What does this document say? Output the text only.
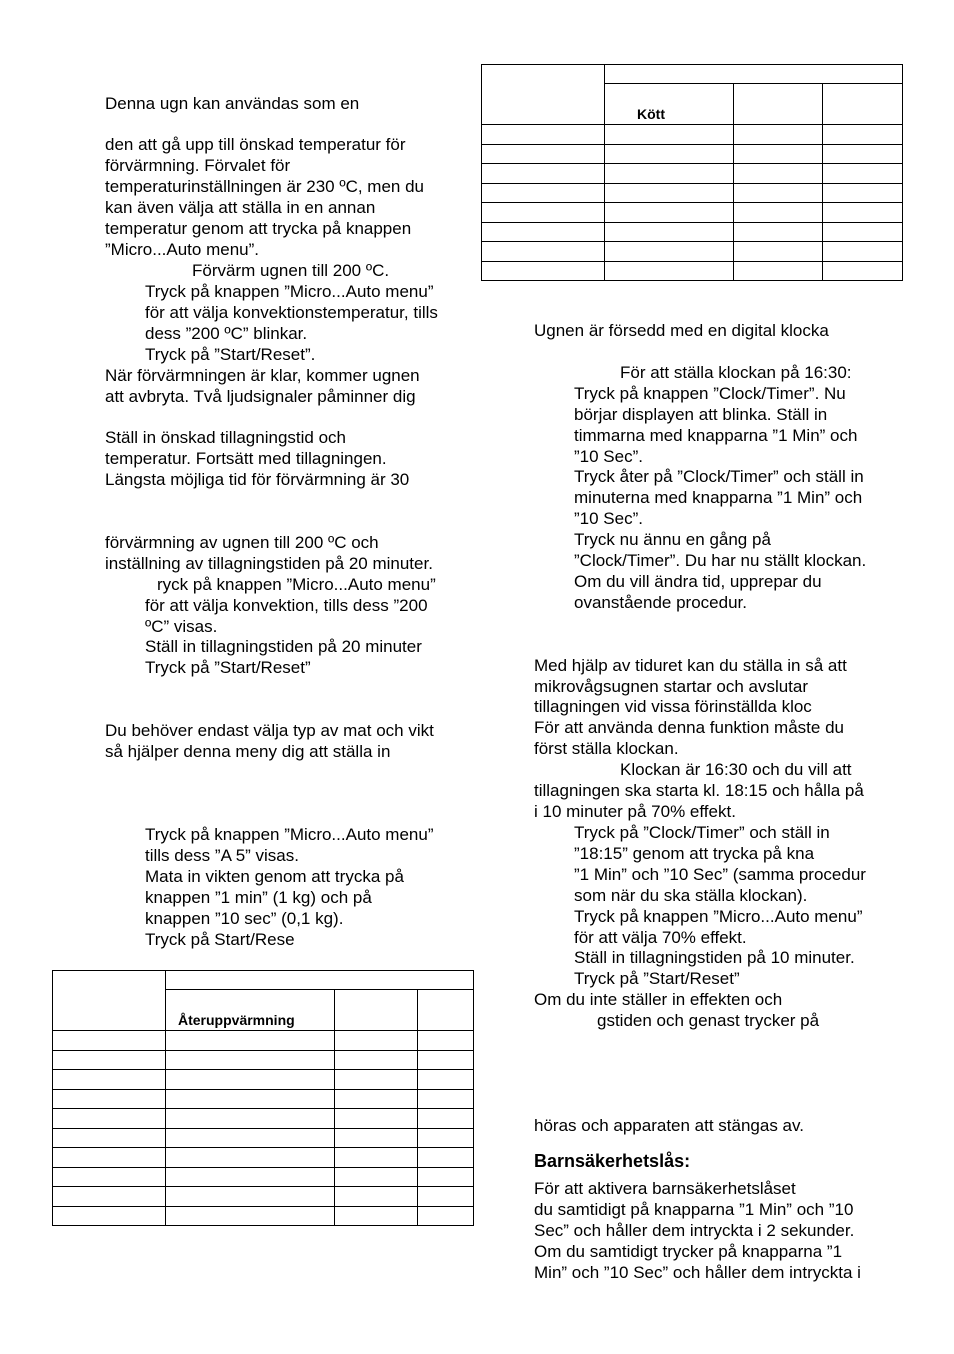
Denna ugn kan användas som en
den att gå upp till önskad temperatur för
förvärmning. Förvalet för
temperaturinställningen är 230 ºC, men du
kan även välja att ställa in en annan
temperatur genom att trycka på knappen
”Micro...Auto menu”.
Förvärm ugnen till 200 ºC.
Tryck på knappen ”Micro...Auto menu”
för att välja konvektionstemperatur, tills
dess ”200 ºC” blinkar.
Tryck på ”Start/Reset”.
När förvärmningen är klar, kommer ugnen
att avbryta. Två ljudsignaler påminner dig
Ställ in önskad tillagningstid och
temperatur. Fortsätt med tillagningen.
Längsta möjliga tid för förvärmning är 30
förvärmning av ugnen till 200 ºC och
inställning av tillagningstiden på 20 minuter.
ryck på knappen ”Micro...Auto menu”
för att välja konvektion, tills dess ”200
ºC” visas.
Ställ in tillagningstiden på 20 minuter
Tryck på ”Start/Reset”
Du behöver endast välja typ av mat och vikt
så hjälper denna meny dig att ställa in
Tryck på knappen ”Micro...Auto menu”
tills dess ”A 5” visas.
Mata in vikten genom att trycka på
knappen ”1 min” (1 kg) och på
knappen ”10 sec” (0,1 kg).
Tryck på Start/Rese

	Kött		

Ugnen är försedd med en digital klocka
För att ställa klockan på 16:30:
Tryck på knappen ”Clock/Timer”. Nu
börjar displayen att blinka. Ställ in
timmarna med knapparna ”1 Min” och
”10 Sec”.
Tryck åter på ”Clock/Timer” och ställ in
minuterna med knapparna ”1 Min” och
”10 Sec”.
Tryck nu ännu en gång på
”Clock/Timer”. Du har nu ställt klockan.
Om du vill ändra tid, upprepar du
ovanstående procedur.
Med hjälp av tiduret kan du ställa in så att
mikrovågsugnen startar och avslutar
tillagningen vid vissa förinställda kloc
För att använda denna funktion måste du
först ställa klockan.
Klockan är 16:30 och du vill att
tillagningen ska starta kl. 18:15 och hålla på
i 10 minuter på 70% effekt.
Tryck på ”Clock/Timer” och ställ in
”18:15” genom att trycka på kna
”1 Min” och ”10 Sec” (samma procedur
som när du ska ställa klockan).
Tryck på knappen ”Micro...Auto menu”
för att välja 70% effekt.
Ställ in tillagningstiden på 10 minuter.
Tryck på ”Start/Reset”
Om du inte ställer in effekten och
gstiden och genast trycker på
höras och apparaten att stängas av.
Barnsäkerhetslås:
För att aktivera barnsäkerhetslåset
du samtidigt på knapparna ”1 Min” och ”10
Sec” och håller dem intryckta i 2 sekunder.
Om du samtidigt trycker på knapparna ”1
Min” och ”10 Sec” och håller dem intryckta i

	Återuppvärmning		
